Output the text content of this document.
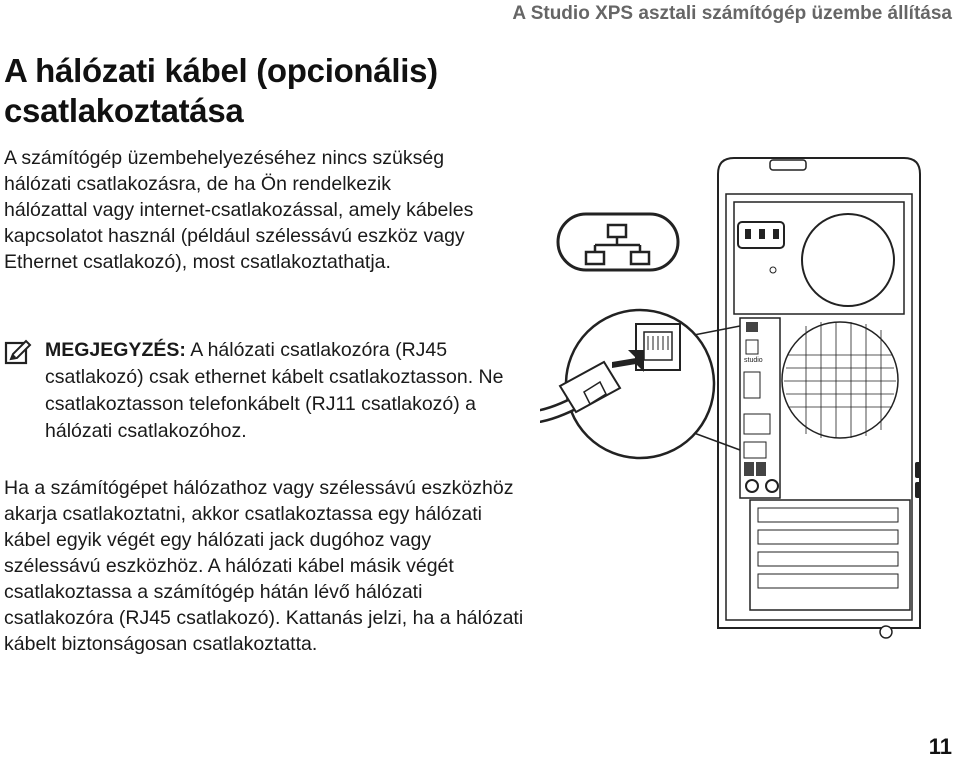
A Studio XPS asztali számítógép üzembe állítása
A hálózati kábel (opcionális) csatlakoztatása

A számítógép üzembehelyezéséhez nincs szükség hálózati csatlakozásra, de ha Ön rendelkezik hálózattal vagy internet-csatlakozással, amely kábeles kapcsolatot használ (például szélessávú eszköz vagy Ethernet csatlakozó), most csatlakoztathatja.

MEGJEGYZÉS: A hálózati csatlakozóra (RJ45 csatlakozó) csak ethernet kábelt csatlakoztasson. Ne csatlakoztasson telefonkábelt (RJ11 csatlakozó) a hálózati csatlakozóhoz.

Ha a számítógépet hálózathoz vagy szélessávú eszközhöz akarja csatlakoztatni, akkor csatlakoztassa egy hálózati kábel egyik végét egy hálózati jack dugóhoz vagy szélessávú eszközhöz. A hálózati kábel másik végét csatlakoztassa a számítógép hátán lévő hálózati csatlakozóra (RJ45 csatlakozó). Kattanás jelzi, ha a hálózati kábelt biztonságosan csatlakoztatta.

studio
11
